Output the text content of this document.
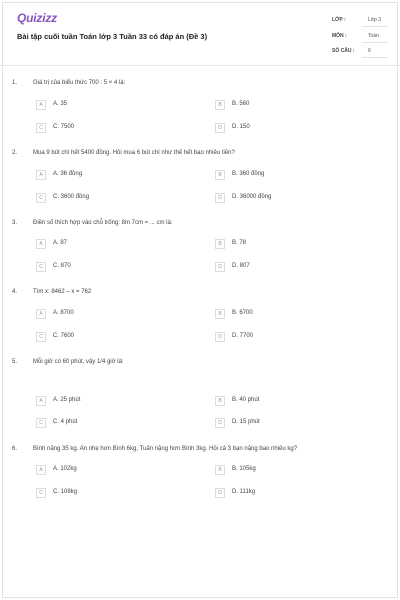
Quizizz
Bài tập cuối tuần Toán lớp 3 Tuần 33 có đáp án (Đề 3)
LỚP :	Lớp 3
MÔN :	Toán
SỐ CÂU :	6
1.	Giá trị của biểu thức 700 : 5 × 4 là:
A	A. 35	B	B. 560
C	C. 7500	D	D. 150
2.	Mua 9 bút chì hết 5400 đồng. Hỏi mua 6 bút chì như thế hết bao nhiêu tiền?
A	A. 36 đồng	B	B. 360 đồng
C	C. 3600 đồng	D	D. 36000 đồng
3.	Điền số thích hợp vào chỗ trống: 8m 7cm = ... cm là:
A	A. 87	B	B. 78
C	C. 870	D	D. 807
4.	Tìm x: 8462 – x = 762
A	A. 8700	B	B. 6700
C	C. 7600	D	D. 7700
5.	Mỗi giờ có 60 phút, vậy 1/4 giờ là:
A	A. 25 phút	B	B. 40 phút
C	C. 4 phút	D	D. 15 phút
6.	Bình nặng 35 kg. An nhẹ hơn Bình 6kg, Tuấn nặng hơn Bình 3kg. Hỏi cả 3 bạn nặng bao nhiêu kg?
A	A. 102kg	B	B. 105kg
C	C. 108kg	D	D. 111kg
